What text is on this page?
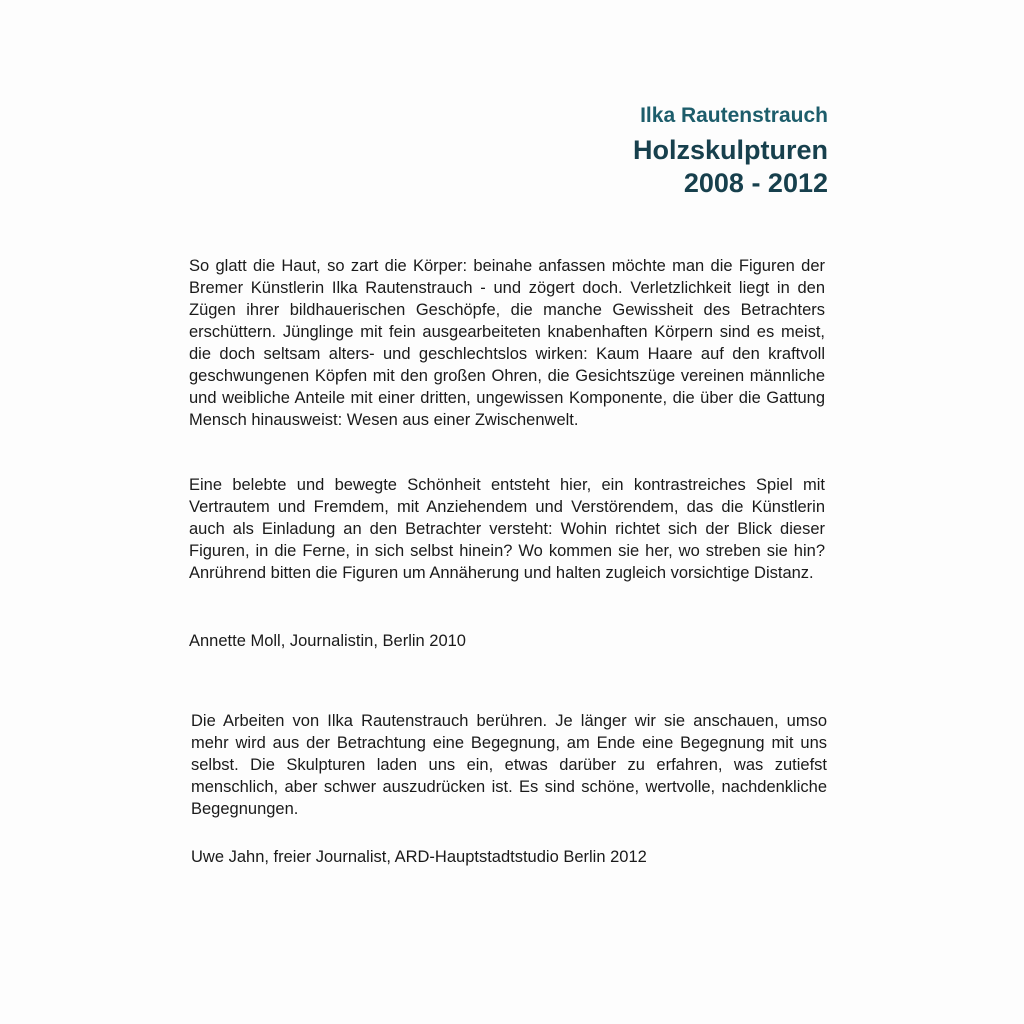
Ilka Rautenstrauch
Holzskulpturen
2008 - 2012

So glatt die Haut, so zart die Körper: beinahe anfassen möchte man die Figuren der Bremer Künstlerin Ilka Rautenstrauch - und zögert doch. Verletzlichkeit liegt in den Zügen ihrer bildhauerischen Geschöpfe, die manche Gewissheit des Betrachters erschüttern. Jünglinge mit fein ausgearbeiteten knabenhaften Körpern sind es meist, die doch seltsam alters- und geschlechtslos wirken: Kaum Haare auf den kraftvoll geschwungenen Köpfen mit den großen Ohren, die Gesichtszüge vereinen männliche und weibliche Anteile mit einer dritten, ungewissen Komponente, die über die Gattung Mensch hinausweist: Wesen aus einer Zwischenwelt.

Eine belebte und bewegte Schönheit entsteht hier, ein kontrastreiches Spiel mit Vertrautem und Fremdem, mit Anziehendem und Verstörendem, das die Künstlerin auch als Einladung an den Betrachter versteht: Wohin richtet sich der Blick dieser Figuren, in die Ferne, in sich selbst hinein? Wo kommen sie her, wo streben sie hin? Anrührend bitten die Figuren um Annäherung und halten zugleich vorsichtige Distanz.

Annette Moll, Journalistin, Berlin 2010

Die Arbeiten von Ilka Rautenstrauch berühren. Je länger wir sie anschauen, umso mehr wird aus der Betrachtung eine Begegnung, am Ende eine Begegnung mit uns selbst. Die Skulpturen laden uns ein, etwas darüber zu erfahren, was zutiefst menschlich, aber schwer auszudrücken ist. Es sind schöne, wertvolle, nachdenkliche Begegnungen.

Uwe Jahn, freier Journalist, ARD-Hauptstadtstudio Berlin 2012
